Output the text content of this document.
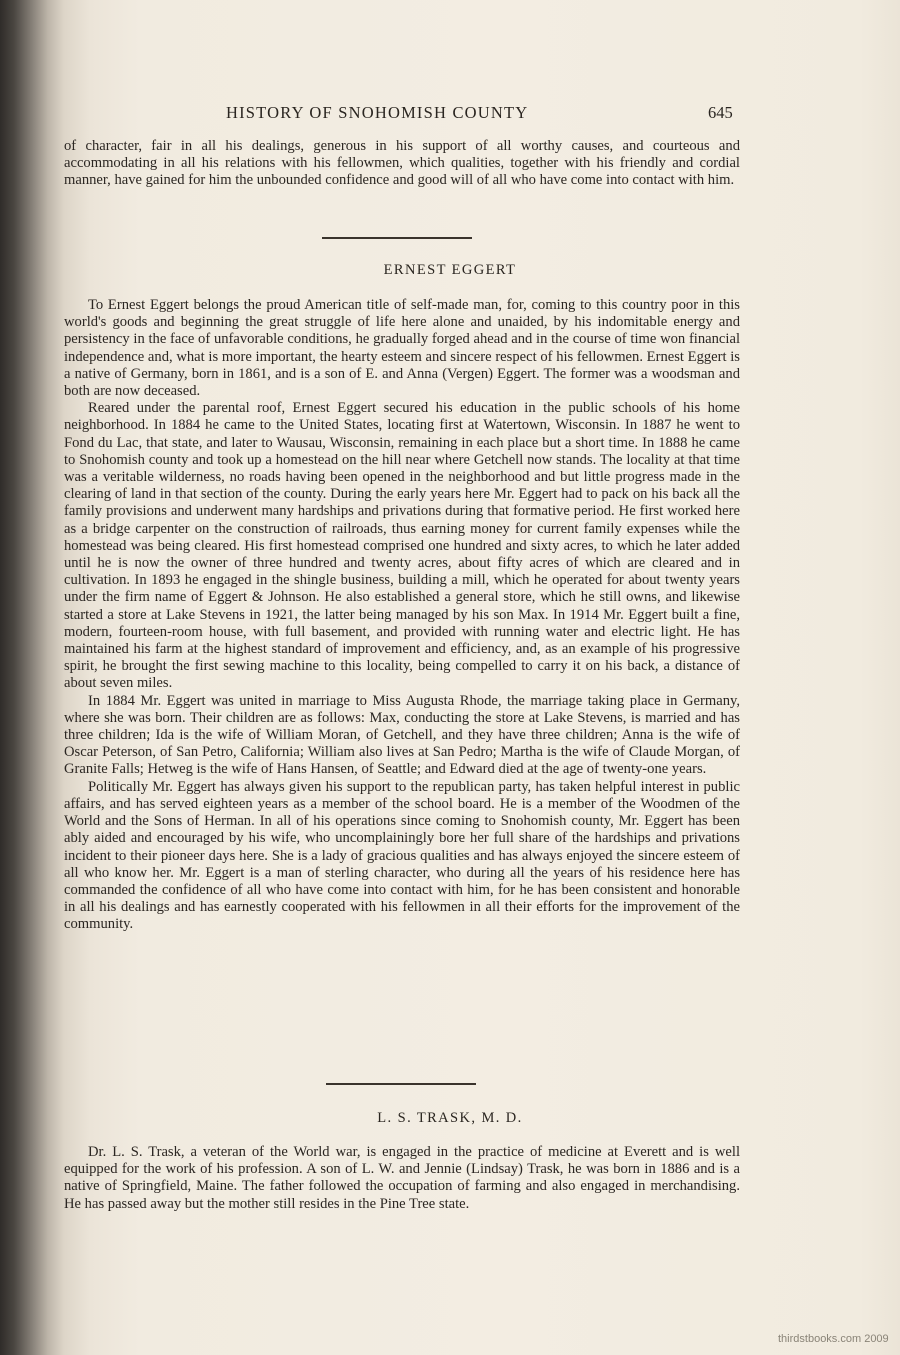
HISTORY OF SNOHOMISH COUNTY	645

of character, fair in all his dealings, generous in his support of all worthy causes, and courteous and accommodating in all his relations with his fellowmen, which qualities, together with his friendly and cordial manner, have gained for him the unbounded confidence and good will of all who have come into contact with him.

ERNEST EGGERT

To Ernest Eggert belongs the proud American title of self-made man, for, coming to this country poor in this world's goods and beginning the great struggle of life here alone and unaided, by his indomitable energy and persistency in the face of unfavorable conditions, he gradually forged ahead and in the course of time won financial independence and, what is more important, the hearty esteem and sincere respect of his fellowmen. Ernest Eggert is a native of Germany, born in 1861, and is a son of E. and Anna (Vergen) Eggert. The former was a woodsman and both are now deceased.

Reared under the parental roof, Ernest Eggert secured his education in the public schools of his home neighborhood. In 1884 he came to the United States, locating first at Watertown, Wisconsin. In 1887 he went to Fond du Lac, that state, and later to Wausau, Wisconsin, remaining in each place but a short time. In 1888 he came to Snohomish county and took up a homestead on the hill near where Getchell now stands. The locality at that time was a veritable wilderness, no roads having been opened in the neighborhood and but little progress made in the clearing of land in that section of the county. During the early years here Mr. Eggert had to pack on his back all the family provisions and underwent many hardships and privations during that formative period. He first worked here as a bridge carpenter on the construction of railroads, thus earning money for current family expenses while the homestead was being cleared. His first homestead comprised one hundred and sixty acres, to which he later added until he is now the owner of three hundred and twenty acres, about fifty acres of which are cleared and in cultivation. In 1893 he engaged in the shingle business, building a mill, which he operated for about twenty years under the firm name of Eggert & Johnson. He also established a general store, which he still owns, and likewise started a store at Lake Stevens in 1921, the latter being managed by his son Max. In 1914 Mr. Eggert built a fine, modern, fourteen-room house, with full basement, and provided with running water and electric light. He has maintained his farm at the highest standard of improvement and efficiency, and, as an example of his progressive spirit, he brought the first sewing machine to this locality, being compelled to carry it on his back, a distance of about seven miles.

In 1884 Mr. Eggert was united in marriage to Miss Augusta Rhode, the marriage taking place in Germany, where she was born. Their children are as follows: Max, conducting the store at Lake Stevens, is married and has three children; Ida is the wife of William Moran, of Getchell, and they have three children; Anna is the wife of Oscar Peterson, of San Petro, California; William also lives at San Pedro; Martha is the wife of Claude Morgan, of Granite Falls; Hetweg is the wife of Hans Hansen, of Seattle; and Edward died at the age of twenty-one years.

Politically Mr. Eggert has always given his support to the republican party, has taken helpful interest in public affairs, and has served eighteen years as a member of the school board. He is a member of the Woodmen of the World and the Sons of Herman. In all of his operations since coming to Snohomish county, Mr. Eggert has been ably aided and encouraged by his wife, who uncomplainingly bore her full share of the hardships and privations incident to their pioneer days here. She is a lady of gracious qualities and has always enjoyed the sincere esteem of all who know her. Mr. Eggert is a man of sterling character, who during all the years of his residence here has commanded the confidence of all who have come into contact with him, for he has been consistent and honorable in all his dealings and has earnestly cooperated with his fellowmen in all their efforts for the improvement of the community.

L. S. TRASK, M. D.

Dr. L. S. Trask, a veteran of the World war, is engaged in the practice of medicine at Everett and is well equipped for the work of his profession. A son of L. W. and Jennie (Lindsay) Trask, he was born in 1886 and is a native of Springfield, Maine. The father followed the occupation of farming and also engaged in merchandising. He has passed away but the mother still resides in the Pine Tree state.

thirdstbooks.com 2009
